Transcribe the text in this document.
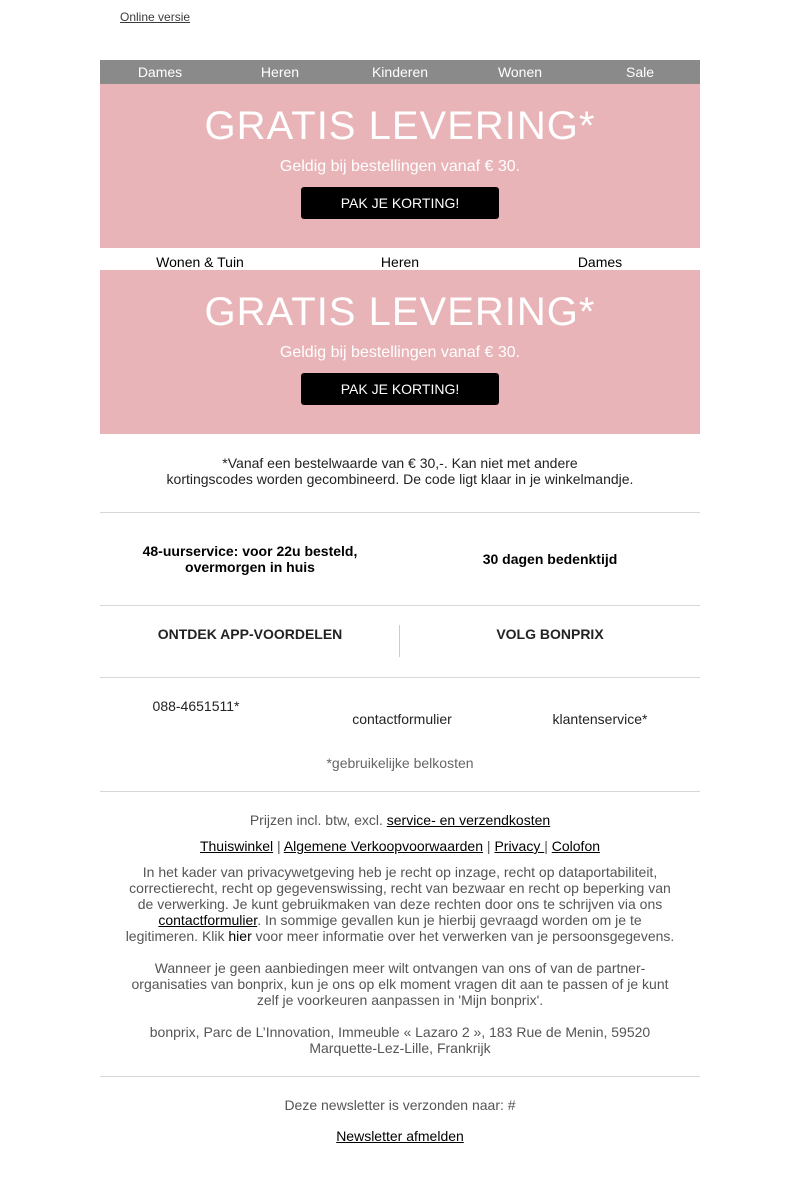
Online versie
Dames	Heren	Kinderen	Wonen	Sale
GRATIS LEVERING*
Geldig bij bestellingen vanaf € 30.
PAK JE KORTING!
Wonen & Tuin	Heren	Dames
GRATIS LEVERING*
Geldig bij bestellingen vanaf € 30.
PAK JE KORTING!
*Vanaf een bestelwaarde van € 30,-. Kan niet met andere
kortingscodes worden gecombineerd. De code ligt klaar in je winkelmandje.
48-uurservice: voor 22u besteld,
overmorgen in huis	30 dagen bedenktijd
ONTDEK APP-VOORDELEN	VOLG BONPRIX
088-4651511*
contactformulier	klantenservice*
*gebruikelijke belkosten
Prijzen incl. btw, excl. service- en verzendkosten
Thuiswinkel | Algemene Verkoopvoorwaarden | Privacy | Colofon
In het kader van privacywetgeving heb je recht op inzage, recht op dataportabiliteit,
correctierecht, recht op gegevenswissing, recht van bezwaar en recht op beperking van
de verwerking. Je kunt gebruikmaken van deze rechten door ons te schrijven via ons
contactformulier. In sommige gevallen kun je hierbij gevraagd worden om je te
legitimeren. Klik hier voor meer informatie over het verwerken van je persoonsgegevens.
Wanneer je geen aanbiedingen meer wilt ontvangen van ons of van de partner-
organisaties van bonprix, kun je ons op elk moment vragen dit aan te passen of je kunt
zelf je voorkeuren aanpassen in 'Mijn bonprix'.
bonprix, Parc de L’Innovation, Immeuble « Lazaro 2 », 183 Rue de Menin, 59520
Marquette-Lez-Lille, Frankrijk
Deze newsletter is verzonden naar: #
Newsletter afmelden
